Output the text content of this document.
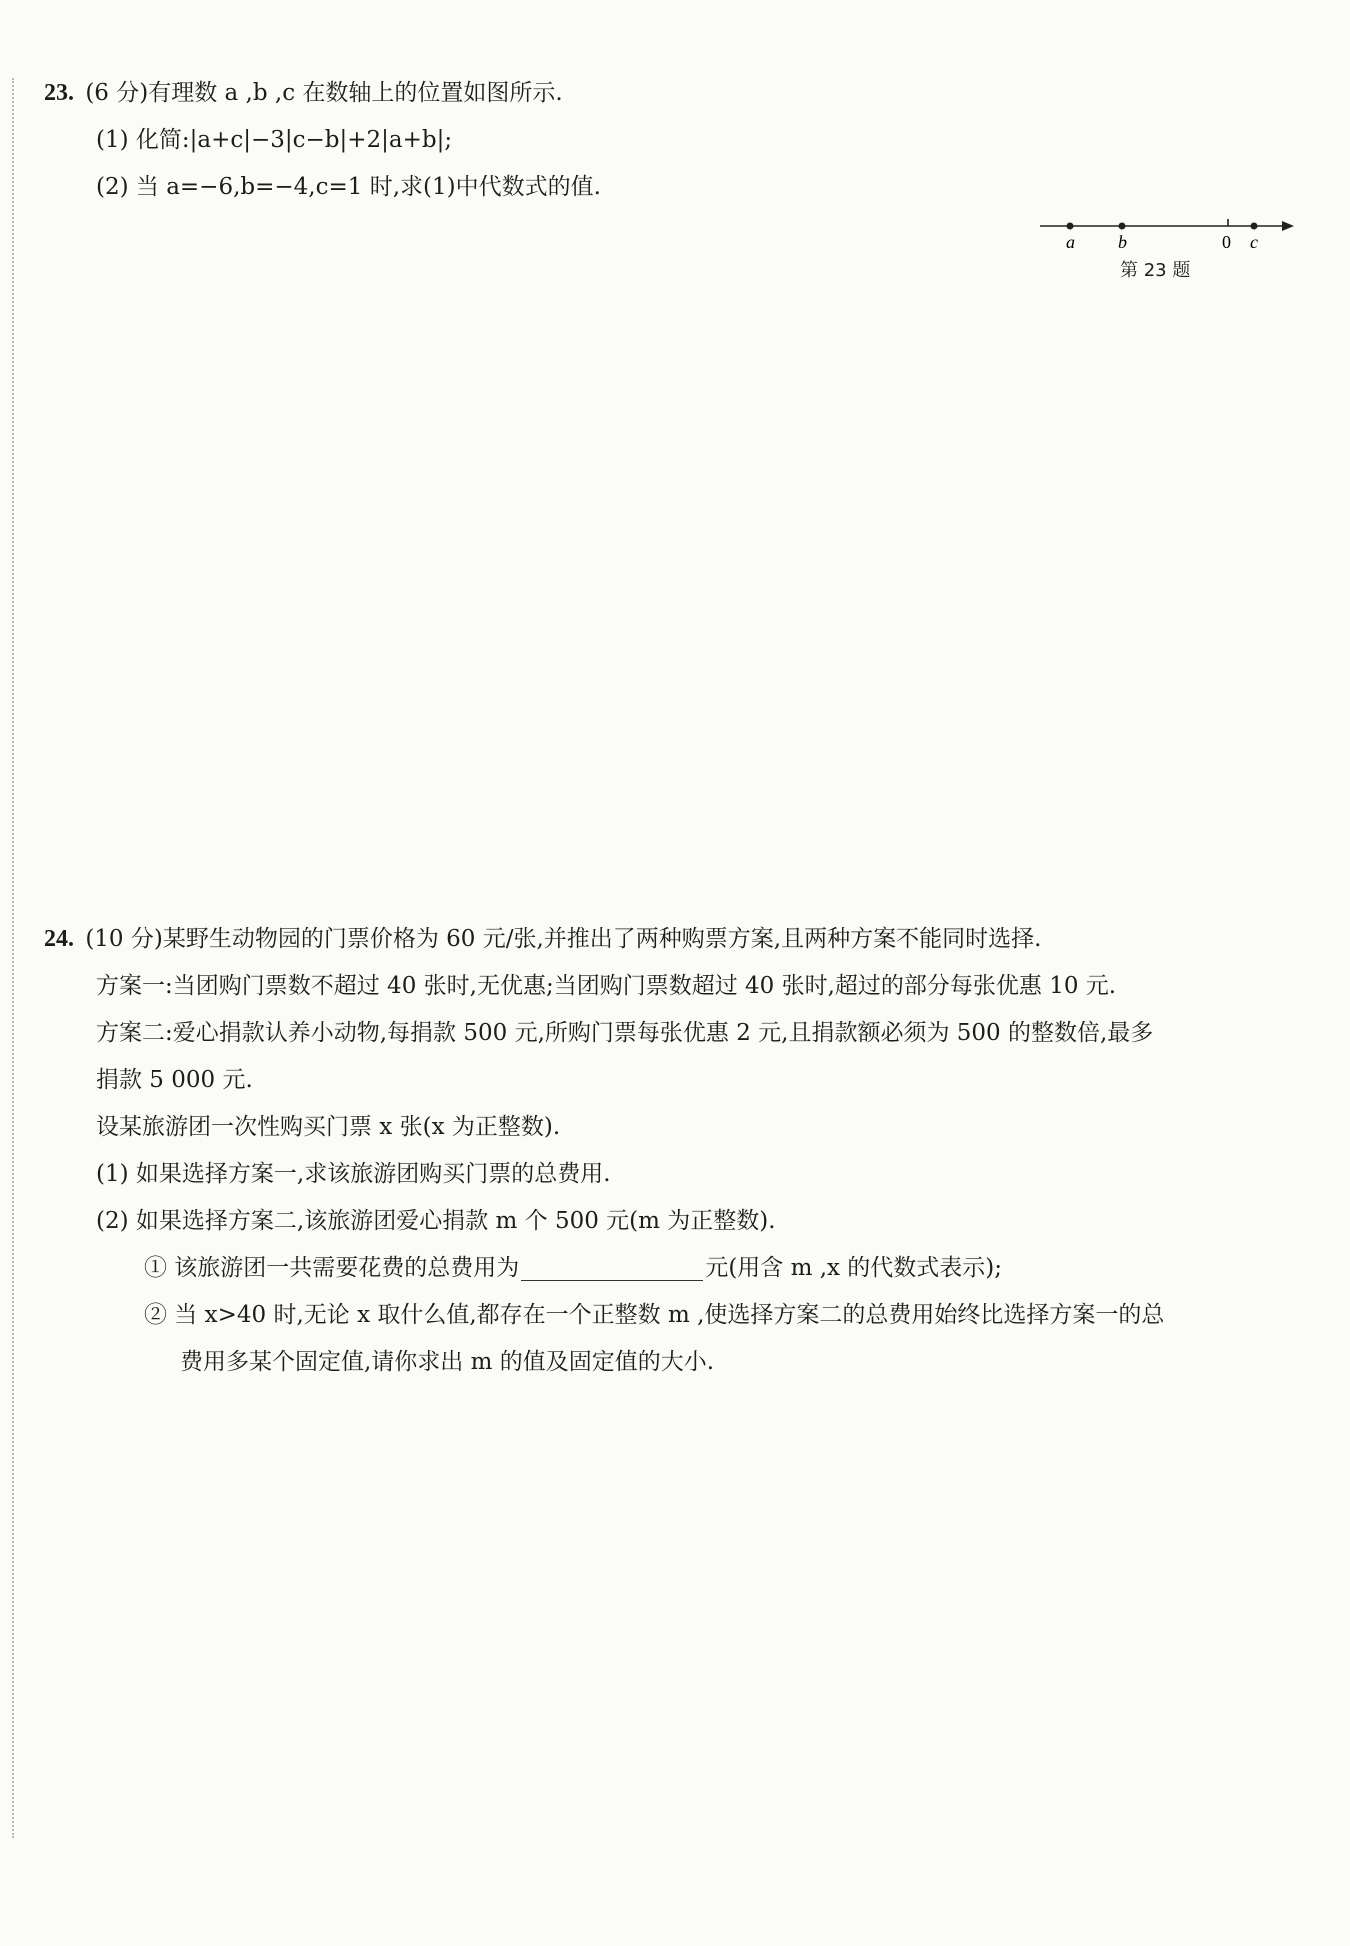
23. (6 分)有理数 a ,b ,c 在数轴上的位置如图所示.
(1) 化简:|a+c|−3|c−b|+2|a+b|;
(2) 当 a=−6,b=−4,c=1 时,求(1)中代数式的值.
a b	0 c
第 23 题
24. (10 分)某野生动物园的门票价格为 60 元/张,并推出了两种购票方案,且两种方案不能同时选择.
方案一:当团购门票数不超过 40 张时,无优惠;当团购门票数超过 40 张时,超过的部分每张优惠 10 元.
方案二:爱心捐款认养小动物,每捐款 500 元,所购门票每张优惠 2 元,且捐款额必须为 500 的整数倍,最多
捐款 5 000 元.
设某旅游团一次性购买门票 x 张(x 为正整数).
(1) 如果选择方案一,求该旅游团购买门票的总费用.
(2) 如果选择方案二,该旅游团爱心捐款 m 个 500 元(m 为正整数).
① 该旅游团一共需要花费的总费用为	元(用含 m ,x 的代数式表示);
② 当 x>40 时,无论 x 取什么值,都存在一个正整数 m ,使选择方案二的总费用始终比选择方案一的总
费用多某个固定值,请你求出 m 的值及固定值的大小.
